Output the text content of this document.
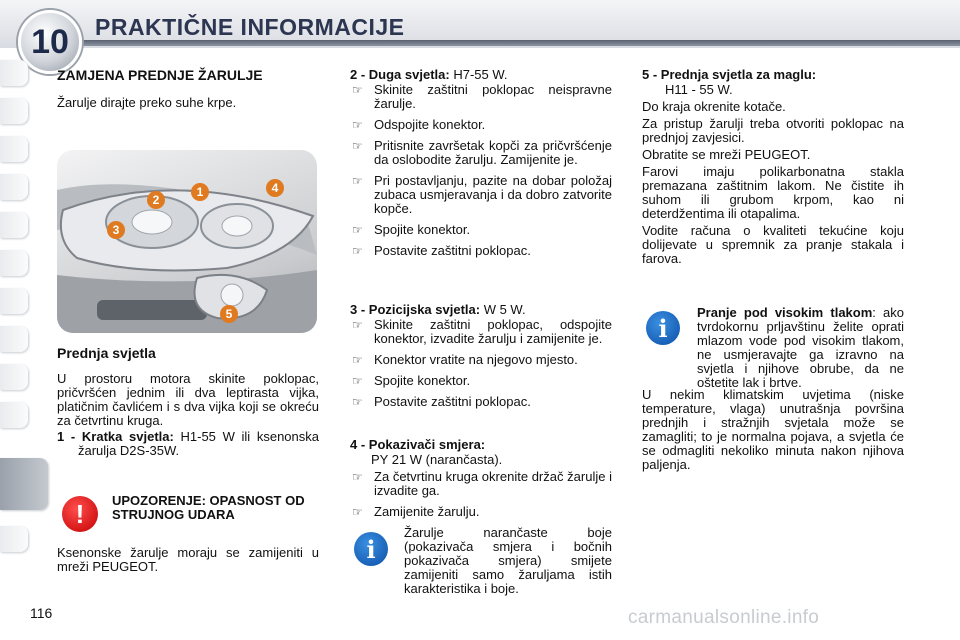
10	PRAKTIČNE INFORMACIJE
ZAMJENA PREDNJE ŽARULJE

Žarulje dirajte preko suhe krpe.

1
2
3
4
5
Prednja svjetla

U prostoru motora skinite poklopac, pričvršćen jednim ili dva leptirasta vijka, platičnim čavlićem i s dva vijka koji se okreću za četvrtinu kruga.

1 - Kratka svjetla: H1-55 W ili ksenonska žarulja D2S-35W.

!	UPOZORENJE: OPASNOST OD STRUJNOG UDARA

Ksenonske žarulje moraju se zamijeniti u mreži PEUGEOT.

2 - Duga svjetla: H7-55 W.

☞ Skinite zaštitni poklopac neispravne žarulje.
☞ Odspojite konektor.
☞ Pritisnite završetak kopči za pričvršćenje da oslobodite žarulju. Zamijenite je.
☞ Pri postavljanju, pazite na dobar položaj zubaca usmjeravanja i da dobro zatvorite kopče.
☞ Spojite konektor.
☞ Postavite zaštitni poklopac.

3 - Pozicijska svjetla: W 5 W.

☞ Skinite zaštitni poklopac, odspojite konektor, izvadite žarulju i zamijenite je.
☞ Konektor vratite na njegovo mjesto.
☞ Spojite konektor.
☞ Postavite zaštitni poklopac.

4 - Pokazivači smjera:

PY 21 W (narančasta).

☞ Za četvrtinu kruga okrenite držač žarulje i izvadite ga.
☞ Zamijenite žarulju.
i

Žarulje narančaste boje (pokazivača smjera i bočnih pokazivača smjera) smijete zamijeniti samo žaruljama istih karakteristika i boje.

5 - Prednja svjetla za maglu:

H11 - 55 W.

Do kraja okrenite kotače.

Za pristup žarulji treba otvoriti poklopac na prednjoj zavjesici.

Obratite se mreži PEUGEOT.

Farovi imaju polikarbonatna stakla premazana zaštitnim lakom. Ne čistite ih suhom ili grubom krpom, kao ni deterdžentima ili otapalima.

Vodite računa o kvaliteti tekućine koju dolijevate u spremnik za pranje stakala i farova.

i

Pranje pod visokim tlakom: ako tvrdokornu prljavštinu želite oprati mlazom vode pod visokim tlakom, ne usmjeravajte ga izravno na svjetla i njihove obrube, da ne oštetite lak i brtve.

U nekim klimatskim uvjetima (niske temperature, vlaga) unutrašnja površina prednjih i stražnjih svjetala može se zamagliti; to je normalna pojava, a svjetla će se odmagliti nekoliko minuta nakon njihova paljenja.

116	carmanualsonline.info
